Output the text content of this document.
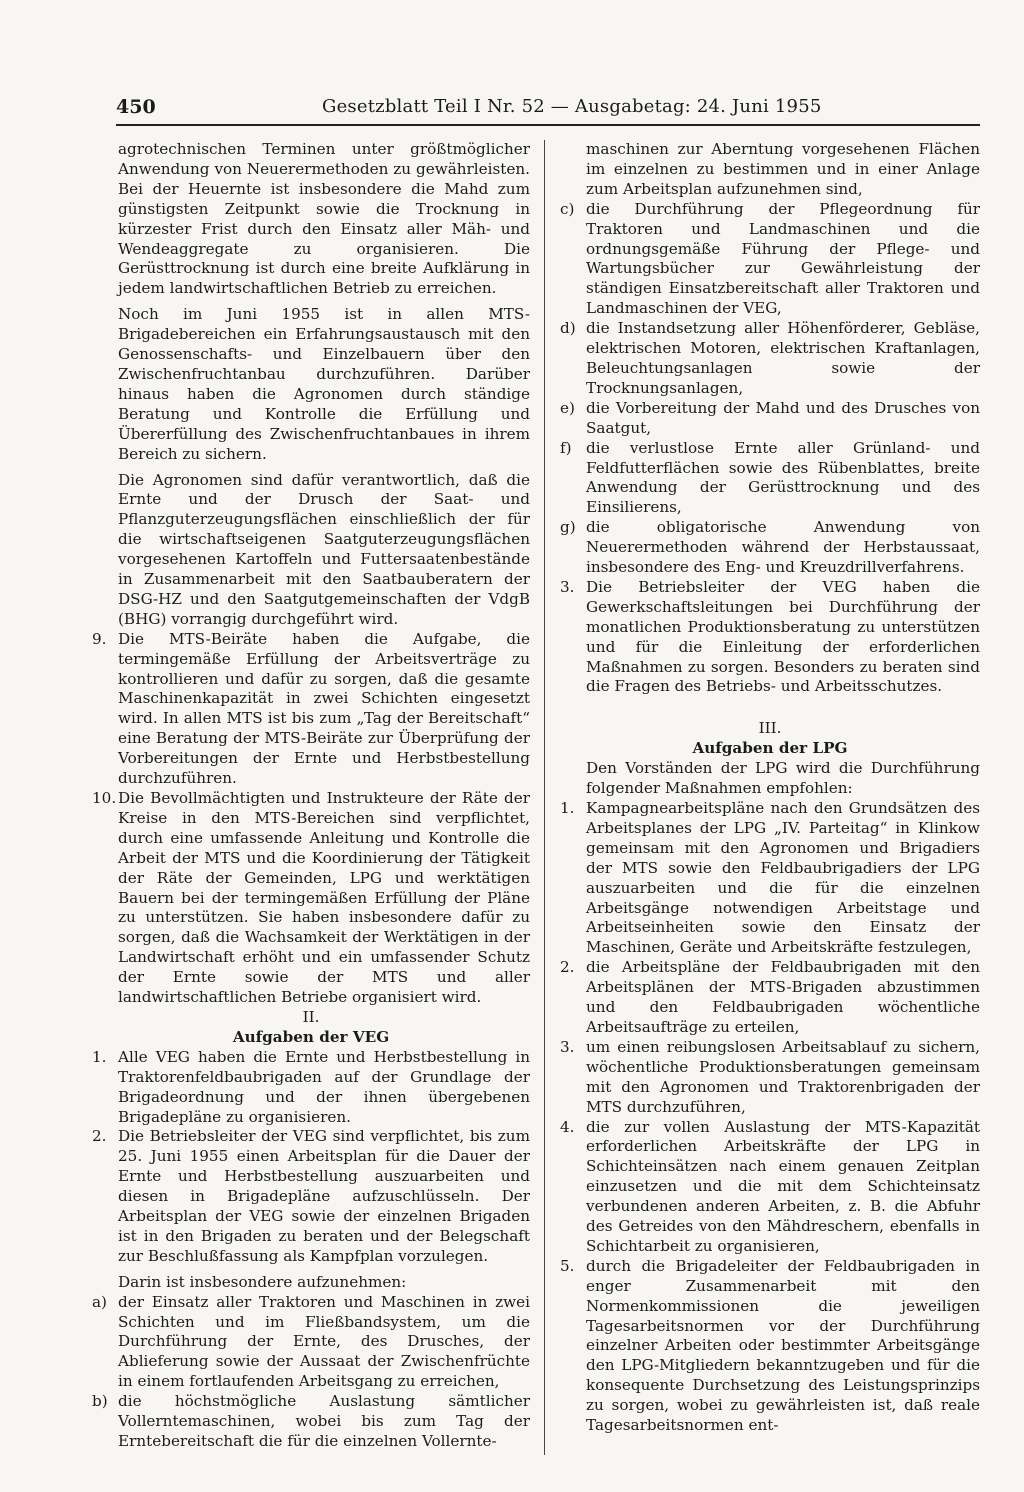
450	Gesetzblatt Teil I Nr. 52 — Ausgabetag: 24. Juni 1955

agrotechnischen Terminen unter größtmöglicher Anwendung von Neuerermethoden zu gewährleisten. Bei der Heuernte ist insbesondere die Mahd zum günstigsten Zeitpunkt sowie die Trocknung in kürzester Frist durch den Einsatz aller Mäh- und Wendeaggregate zu organisieren. Die Gerüsttrocknung ist durch eine breite Aufklärung in jedem landwirtschaftlichen Betrieb zu erreichen.

Noch im Juni 1955 ist in allen MTS-Brigadebereichen ein Erfahrungsaustausch mit den Genossenschafts- und Einzelbauern über den Zwischenfruchtanbau durchzuführen. Darüber hinaus haben die Agronomen durch ständige Beratung und Kontrolle die Erfüllung und Übererfüllung des Zwischenfruchtanbaues in ihrem Bereich zu sichern.

Die Agronomen sind dafür verantwortlich, daß die Ernte und der Drusch der Saat- und Pflanzguterzeugungsflächen einschließlich der für die wirtschaftseigenen Saatguterzeugungsflächen vorgesehenen Kartoffeln und Futtersaatenbestände in Zusammenarbeit mit den Saatbauberatern der DSG-HZ und den Saatgutgemeinschaften der VdgB (BHG) vorrangig durchgeführt wird.

9. Die MTS-Beiräte haben die Aufgabe, die termingemäße Erfüllung der Arbeitsverträge zu kontrollieren und dafür zu sorgen, daß die gesamte Maschinenkapazität in zwei Schichten eingesetzt wird. In allen MTS ist bis zum „Tag der Bereitschaft“ eine Beratung der MTS-Beiräte zur Überprüfung der Vorbereitungen der Ernte und Herbstbestellung durchzuführen.
10. Die Bevollmächtigten und Instrukteure der Räte der Kreise in den MTS-Bereichen sind verpflichtet, durch eine umfassende Anleitung und Kontrolle die Arbeit der MTS und die Koordinierung der Tätigkeit der Räte der Gemeinden, LPG und werktätigen Bauern bei der termingemäßen Erfüllung der Pläne zu unterstützen. Sie haben insbesondere dafür zu sorgen, daß die Wachsamkeit der Werktätigen in der Landwirtschaft erhöht und ein umfassender Schutz der Ernte sowie der MTS und aller landwirtschaftlichen Betriebe organisiert wird.

II.

Aufgaben der VEG

1. Alle VEG haben die Ernte und Herbstbestellung in Traktorenfeldbaubrigaden auf der Grundlage der Brigadeordnung und der ihnen übergebenen Brigadepläne zu organisieren.
2. Die Betriebsleiter der VEG sind verpflichtet, bis zum 25. Juni 1955 einen Arbeitsplan für die Dauer der Ernte und Herbstbestellung auszuarbeiten und diesen in Brigadepläne aufzuschlüsseln. Der Arbeitsplan der VEG sowie der einzelnen Brigaden ist in den Brigaden zu beraten und der Belegschaft zur Beschlußfassung als Kampfplan vorzulegen.

Darin ist insbesondere aufzunehmen:

a) der Einsatz aller Traktoren und Maschinen in zwei Schichten und im Fließbandsystem, um die Durchführung der Ernte, des Drusches, der Ablieferung sowie der Aussaat der Zwischenfrüchte in einem fortlaufenden Arbeitsgang zu erreichen,
b) die höchstmögliche Auslastung sämtlicher Vollerntemaschinen, wobei bis zum Tag der Erntebereitschaft die für die einzelnen Vollernte-

maschinen zur Aberntung vorgesehenen Flächen im einzelnen zu bestimmen und in einer Anlage zum Arbeitsplan aufzunehmen sind,

c) die Durchführung der Pflegeordnung für Traktoren und Landmaschinen und die ordnungsgemäße Führung der Pflege- und Wartungsbücher zur Gewährleistung der ständigen Einsatzbereitschaft aller Traktoren und Landmaschinen der VEG,
d) die Instandsetzung aller Höhenförderer, Gebläse, elektrischen Motoren, elektrischen Kraftanlagen, Beleuchtungsanlagen sowie der Trocknungsanlagen,
e) die Vorbereitung der Mahd und des Drusches von Saatgut,
f) die verlustlose Ernte aller Grünland- und Feldfutterflächen sowie des Rübenblattes, breite Anwendung der Gerüsttrocknung und des Einsilierens,
g) die obligatorische Anwendung von Neuerermethoden während der Herbstaussaat, insbesondere des Eng- und Kreuzdrillverfahrens.
3. Die Betriebsleiter der VEG haben die Gewerkschaftsleitungen bei Durchführung der monatlichen Produktionsberatung zu unterstützen und für die Einleitung der erforderlichen Maßnahmen zu sorgen. Besonders zu beraten sind die Fragen des Betriebs- und Arbeitsschutzes.

III.

Aufgaben der LPG

Den Vorständen der LPG wird die Durchführung folgender Maßnahmen empfohlen:

1. Kampagnearbeitspläne nach den Grundsätzen des Arbeitsplanes der LPG „IV. Parteitag“ in Klinkow gemeinsam mit den Agronomen und Brigadiers der MTS sowie den Feldbaubrigadiers der LPG auszuarbeiten und die für die einzelnen Arbeitsgänge notwendigen Arbeitstage und Arbeitseinheiten sowie den Einsatz der Maschinen, Geräte und Arbeitskräfte festzulegen,
2. die Arbeitspläne der Feldbaubrigaden mit den Arbeitsplänen der MTS-Brigaden abzustimmen und den Feldbaubrigaden wöchentliche Arbeitsaufträge zu erteilen,
3. um einen reibungslosen Arbeitsablauf zu sichern, wöchentliche Produktionsberatungen gemeinsam mit den Agronomen und Traktorenbrigaden der MTS durchzuführen,
4. die zur vollen Auslastung der MTS-Kapazität erforderlichen Arbeitskräfte der LPG in Schichteinsätzen nach einem genauen Zeitplan einzusetzen und die mit dem Schichteinsatz verbundenen anderen Arbeiten, z. B. die Abfuhr des Getreides von den Mähdreschern, ebenfalls in Schichtarbeit zu organisieren,
5. durch die Brigadeleiter der Feldbaubrigaden in enger Zusammenarbeit mit den Normenkommissionen die jeweiligen Tagesarbeitsnormen vor der Durchführung einzelner Arbeiten oder bestimmter Arbeitsgänge den LPG-Mitgliedern bekanntzugeben und für die konsequente Durchsetzung des Leistungsprinzips zu sorgen, wobei zu gewährleisten ist, daß reale Tagesarbeitsnormen ent-
